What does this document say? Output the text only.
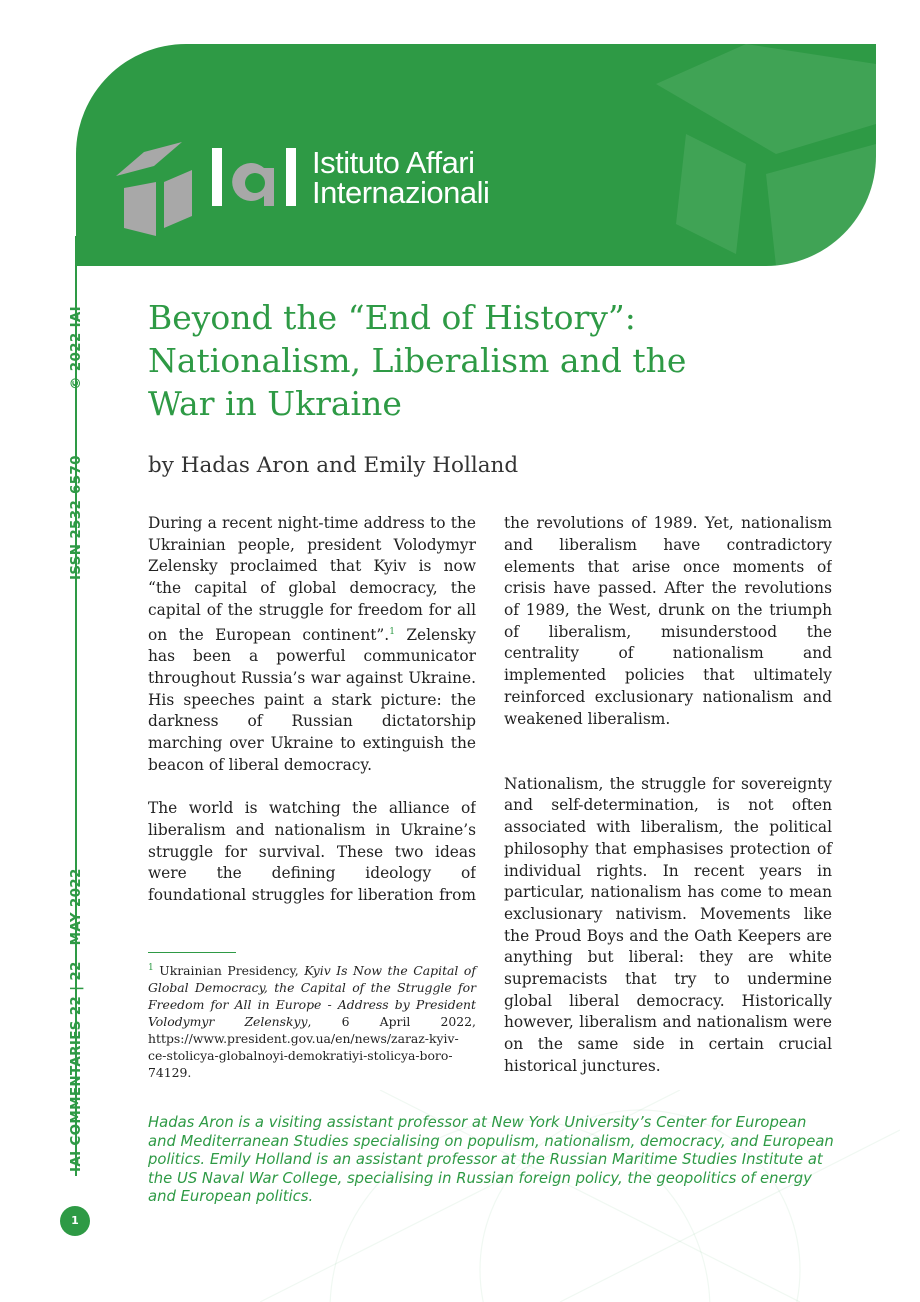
Istituto Affari
Internazionali
© 2022 IAI
ISSN 2532-6570
IAI COMMENTARIES 22 | 22 - MAY 2022
Beyond the “End of History”: Nationalism, Liberalism and the War in Ukraine
by Hadas Aron and Emily Holland

During a recent night-time address to the Ukrainian people, president Volodymyr Zelensky proclaimed that Kyiv is now “the capital of global democracy, the capital of the struggle for freedom for all on the European continent”.$^1$ Zelensky has been a powerful communicator throughout Russia’s war against Ukraine. His speeches paint a stark picture: the darkness of Russian dictatorship marching over Ukraine to extinguish the beacon of liberal democracy.

The world is watching the alliance of liberalism and nationalism in Ukraine’s struggle for survival. These two ideas were the defining ideology of foundational struggles for liberation from

the revolutions of 1989. Yet, nationalism and liberalism have contradictory elements that arise once moments of crisis have passed. After the revolutions of 1989, the West, drunk on the triumph of liberalism, misunderstood the centrality of nationalism and implemented policies that ultimately reinforced exclusionary nationalism and weakened liberalism.

Nationalism, the struggle for sovereignty and self-determination, is not often associated with liberalism, the political philosophy that emphasises protection of individual rights. In recent years in particular, nationalism has come to mean exclusionary nativism. Movements like the Proud Boys and the Oath Keepers are anything but liberal: they are white supremacists that try to undermine global liberal democracy. Historically however, liberalism and nationalism were on the same side in certain crucial historical junctures.

$^1$ Ukrainian Presidency, Kyiv Is Now the Capital of Global Democracy, the Capital of the Struggle for Freedom for All in Europe - Address by President Volodymyr Zelenskyy, 6 April 2022, https://www.president.gov.ua/en/news/zaraz-kyiv-ce-stolicya-globalnoyi-demokratiyi-stolicya-boro-74129.

Hadas Aron is a visiting assistant professor at New York University’s Center for European and Mediterranean Studies specialising on populism, nationalism, democracy, and European politics. Emily Holland is an assistant professor at the Russian Maritime Studies Institute at the US Naval War College, specialising in Russian foreign policy, the geopolitics of energy and European politics.

1
